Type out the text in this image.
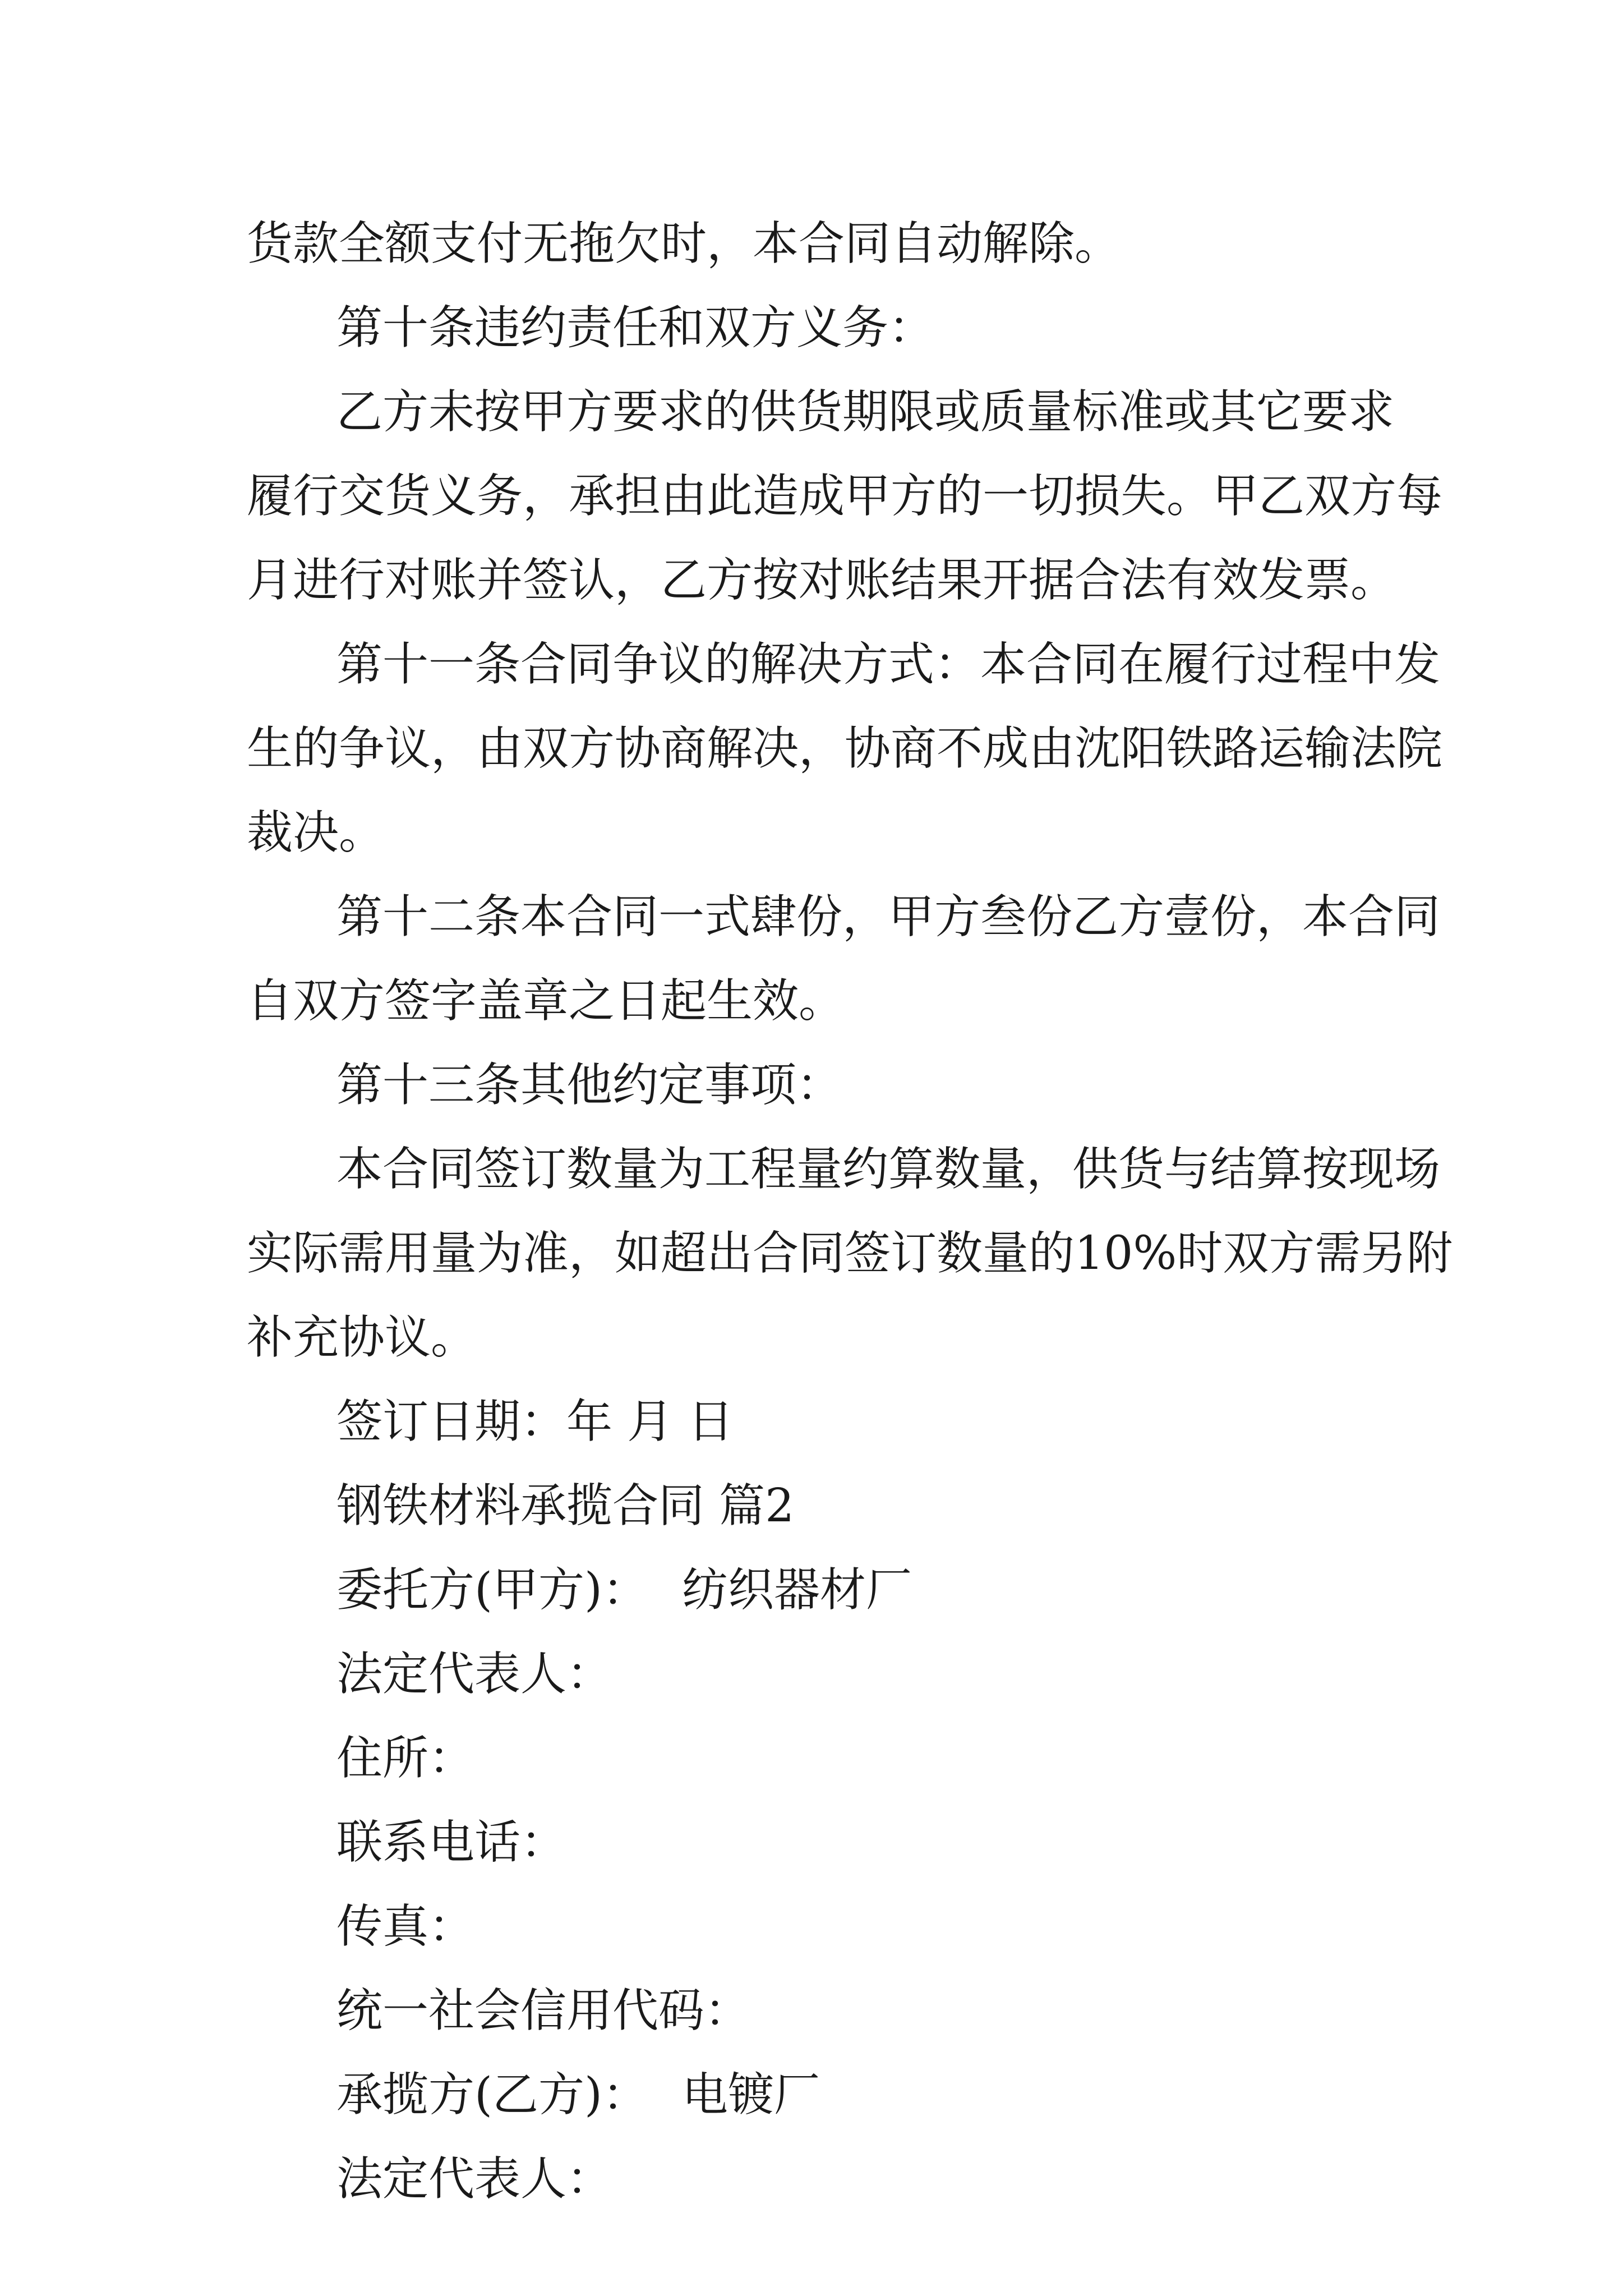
货款全额支付无拖欠时，本合同自动解除。
第十条违约责任和双方义务：
乙方未按甲方要求的供货期限或质量标准或其它要求
履行交货义务，承担由此造成甲方的一切损失。甲乙双方每
月进行对账并签认，乙方按对账结果开据合法有效发票。
第十一条合同争议的解决方式：本合同在履行过程中发
生的争议，由双方协商解决，协商不成由沈阳铁路运输法院
裁决。
第十二条本合同一式肆份，甲方叁份乙方壹份，本合同
自双方签字盖章之日起生效。
第十三条其他约定事项：
本合同签订数量为工程量约算数量，供货与结算按现场
实际需用量为准，如超出合同签订数量的10%时双方需另附
补充协议。
签订日期：年 月 日
钢铁材料承揽合同 篇2
委托方(甲方)： 纺织器材厂
法定代表人：
住所：
联系电话：
传真：
统一社会信用代码：
承揽方(乙方)： 电镀厂
法定代表人：
